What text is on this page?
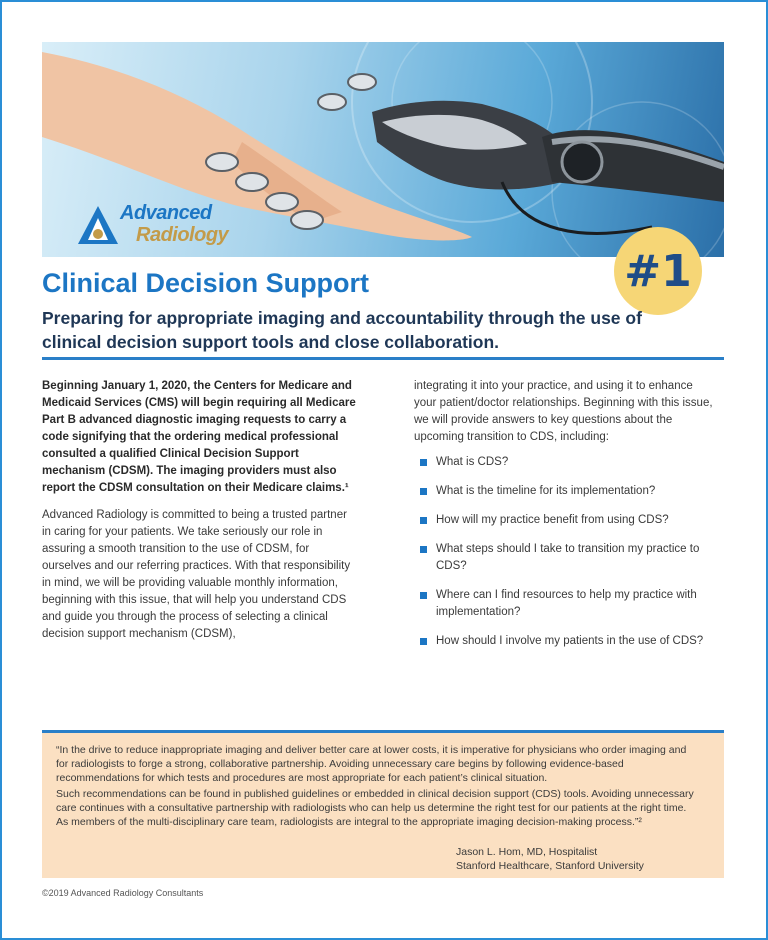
Advanced
Radiology
#1
Clinical Decision Support
Preparing for appropriate imaging and accountability through the use of clinical decision support tools and close collaboration.

Beginning January 1, 2020, the Centers for Medicare and Medicaid Services (CMS) will begin requiring all Medicare Part B advanced diagnostic imaging requests to carry a code signifying that the ordering medical professional consulted a qualified Clinical Decision Support mechanism (CDSM). The imaging providers must also report the CDSM consultation on their Medicare claims.¹

Advanced Radiology is committed to being a trusted partner in caring for your patients. We take seriously our role in assuring a smooth transition to the use of CDSM, for ourselves and our referring practices. With that responsibility in mind, we will be providing valuable monthly information, beginning with this issue, that will help you understand CDS and guide you through the process of selecting a clinical decision support mechanism (CDSM),

integrating it into your practice, and using it to enhance your patient/doctor relationships. Beginning with this issue, we will provide answers to key questions about the upcoming transition to CDS, including:

What is CDS?
What is the timeline for its implementation?
How will my practice benefit from using CDS?
What steps should I take to transition my practice to CDS?
Where can I find resources to help my practice with implementation?
How should I involve my patients in the use of CDS?

“In the drive to reduce inappropriate imaging and deliver better care at lower costs, it is imperative for physicians who order imaging and for radiologists to forge a strong, collaborative partnership. Avoiding unnecessary care begins by following evidence-based recommendations for which tests and procedures are most appropriate for each patient’s clinical situation.

Such recommendations can be found in published guidelines or embedded in clinical decision support (CDS) tools. Avoiding unnecessary care continues with a consultative partnership with radiologists who can help us determine the right test for our patients at the right time. As members of the multi-disciplinary care team, radiologists are integral to the appropriate imaging decision-making process.”²

Jason L. Hom, MD, Hospitalist
Stanford Healthcare, Stanford University
©2019 Advanced Radiology Consultants
